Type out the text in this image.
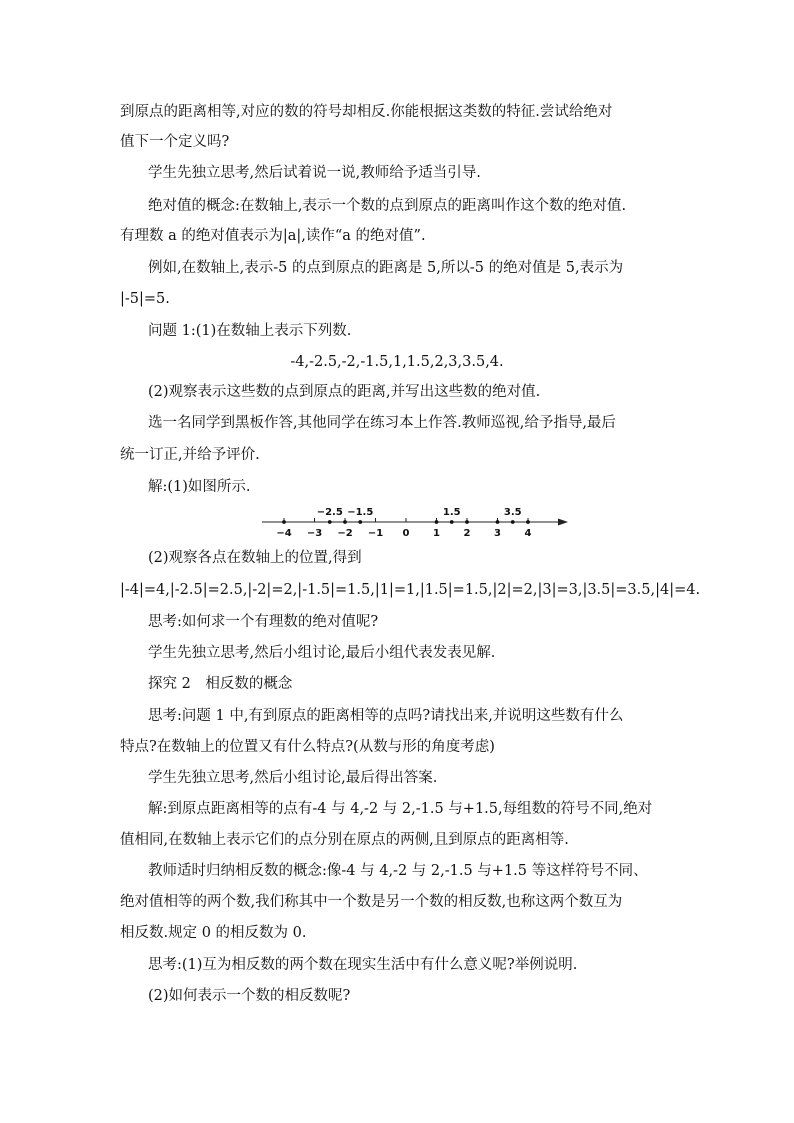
到原点的距离相等,对应的数的符号却相反.你能根据这类数的特征.尝试给绝对
值下一个定义吗?
学生先独立思考,然后试着说一说,教师给予适当引导.
绝对值的概念:在数轴上,表示一个数的点到原点的距离叫作这个数的绝对值.
有理数 a 的绝对值表示为|a|,读作“a 的绝对值”.
例如,在数轴上,表示-5 的点到原点的距离是 5,所以-5 的绝对值是 5,表示为
|-5|=5.
问题 1:(1)在数轴上表示下列数.
-4,-2.5,-2,-1.5,1,1.5,2,3,3.5,4.
(2)观察表示这些数的点到原点的距离,并写出这些数的绝对值.
选一名同学到黑板作答,其他同学在练习本上作答.教师巡视,给予指导,最后
统一订正,并给予评价.
解:(1)如图所示.
−4 −3 −2 −1 0 1 2 3 4
−2.5 −1.5	1.5	3.5
(2)观察各点在数轴上的位置,得到
|-4|=4,|-2.5|=2.5,|-2|=2,|-1.5|=1.5,|1|=1,|1.5|=1.5,|2|=2,|3|=3,|3.5|=3.5,|4|=4.
思考:如何求一个有理数的绝对值呢?
学生先独立思考,然后小组讨论,最后小组代表发表见解.
探究 2　相反数的概念
思考:问题 1 中,有到原点的距离相等的点吗?请找出来,并说明这些数有什么
特点?在数轴上的位置又有什么特点?(从数与形的角度考虑)
学生先独立思考,然后小组讨论,最后得出答案.
解:到原点距离相等的点有-4 与 4,-2 与 2,-1.5 与+1.5,每组数的符号不同,绝对
值相同,在数轴上表示它们的点分别在原点的两侧,且到原点的距离相等.
教师适时归纳相反数的概念:像-4 与 4,-2 与 2,-1.5 与+1.5 等这样符号不同、
绝对值相等的两个数,我们称其中一个数是另一个数的相反数,也称这两个数互为
相反数.规定 0 的相反数为 0.
思考:(1)互为相反数的两个数在现实生活中有什么意义呢?举例说明.
(2)如何表示一个数的相反数呢?
